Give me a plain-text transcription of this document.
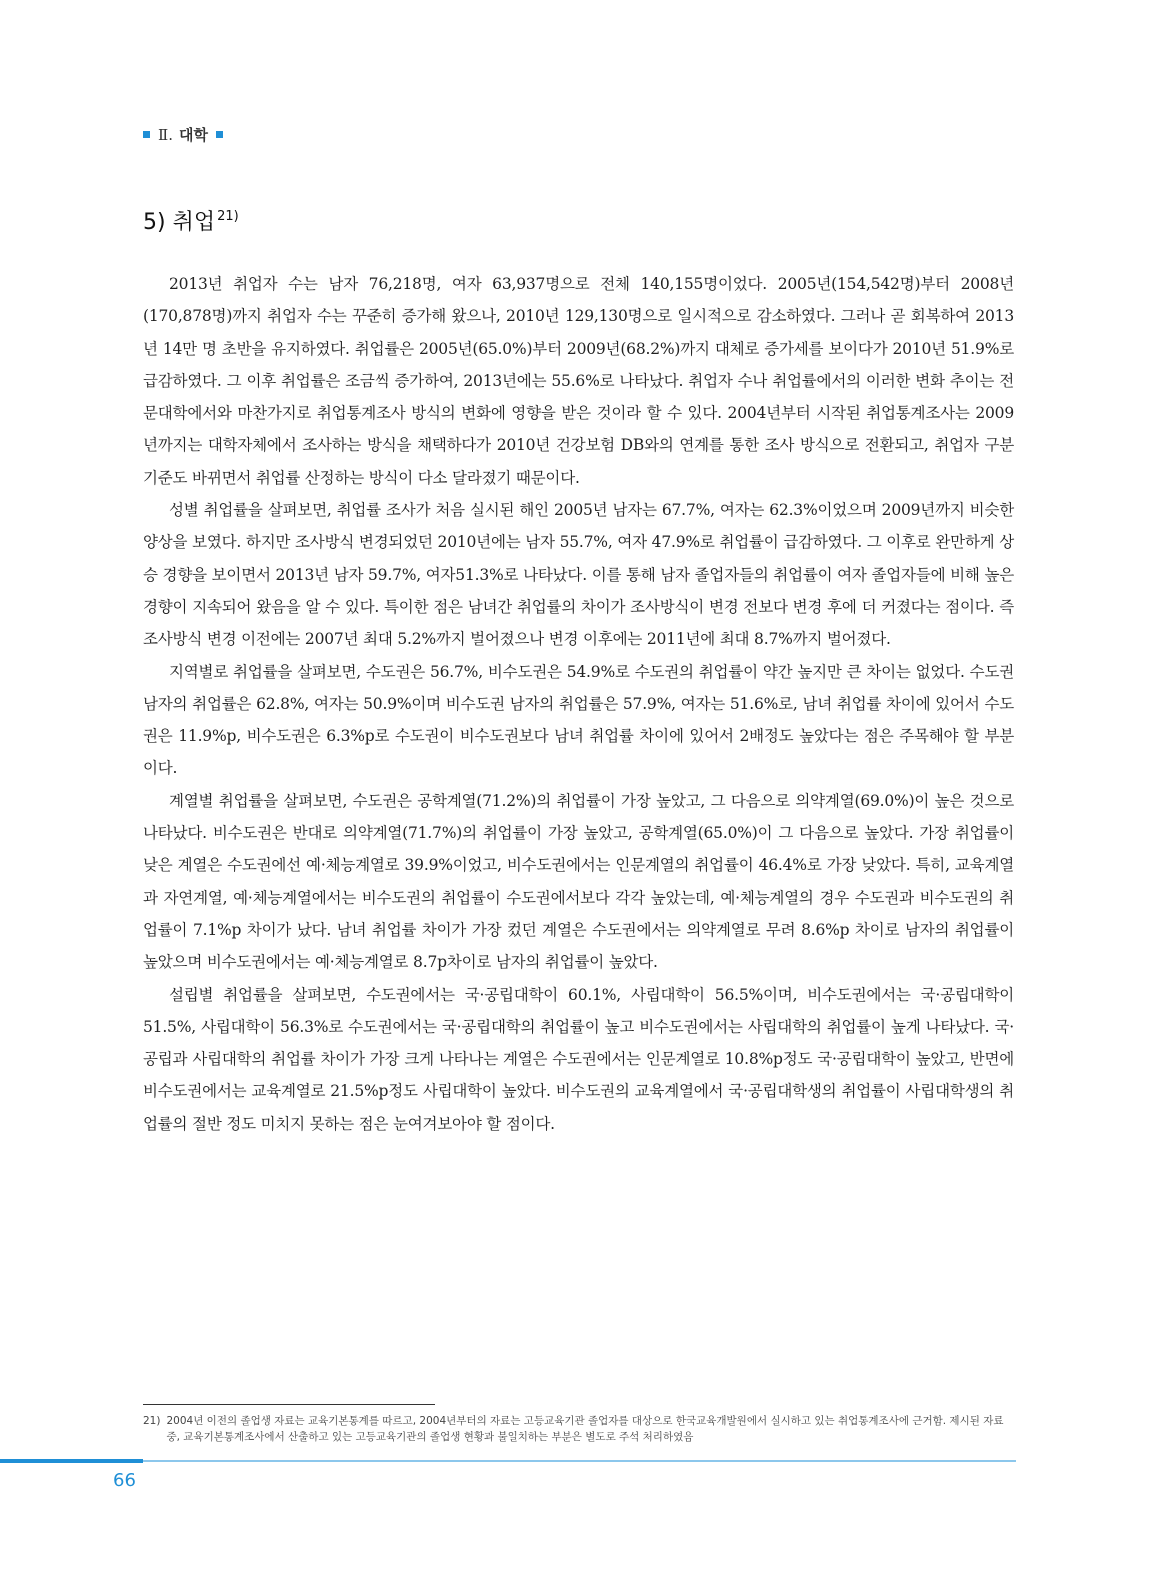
Ⅱ. 대학
5) 취업 $^{21)}$

2013년 취업자 수는 남자 76,218명, 여자 63,937명으로 전체 140,155명이었다. 2005년(154,542명)부터 2008년(170,878명)까지 취업자 수는 꾸준히 증가해 왔으나, 2010년 129,130명으로 일시적으로 감소하였다. 그러나 곧 회복하여 2013년 14만 명 초반을 유지하였다. 취업률은 2005년(65.0%)부터 2009년(68.2%)까지 대체로 증가세를 보이다가 2010년 51.9%로 급감하였다. 그 이후 취업률은 조금씩 증가하여, 2013년에는 55.6%로 나타났다. 취업자 수나 취업률에서의 이러한 변화 추이는 전문대학에서와 마찬가지로 취업통계조사 방식의 변화에 영향을 받은 것이라 할 수 있다. 2004년부터 시작된 취업통계조사는 2009년까지는 대학자체에서 조사하는 방식을 채택하다가 2010년 건강보험 DB와의 연계를 통한 조사 방식으로 전환되고, 취업자 구분 기준도 바뀌면서 취업률 산정하는 방식이 다소 달라졌기 때문이다.

성별 취업률을 살펴보면, 취업률 조사가 처음 실시된 해인 2005년 남자는 67.7%, 여자는 62.3%이었으며 2009년까지 비슷한 양상을 보였다. 하지만 조사방식 변경되었던 2010년에는 남자 55.7%, 여자 47.9%로 취업률이 급감하였다. 그 이후로 완만하게 상승 경향을 보이면서 2013년 남자 59.7%, 여자51.3%로 나타났다. 이를 통해 남자 졸업자들의 취업률이 여자 졸업자들에 비해 높은 경향이 지속되어 왔음을 알 수 있다. 특이한 점은 남녀간 취업률의 차이가 조사방식이 변경 전보다 변경 후에 더 커졌다는 점이다. 즉 조사방식 변경 이전에는 2007년 최대 5.2%까지 벌어졌으나 변경 이후에는 2011년에 최대 8.7%까지 벌어졌다.

지역별로 취업률을 살펴보면, 수도권은 56.7%, 비수도권은 54.9%로 수도권의 취업률이 약간 높지만 큰 차이는 없었다. 수도권 남자의 취업률은 62.8%, 여자는 50.9%이며 비수도권 남자의 취업률은 57.9%, 여자는 51.6%로, 남녀 취업률 차이에 있어서 수도권은 11.9%p, 비수도권은 6.3%p로 수도권이 비수도권보다 남녀 취업률 차이에 있어서 2배정도 높았다는 점은 주목해야 할 부분이다.

계열별 취업률을 살펴보면, 수도권은 공학계열(71.2%)의 취업률이 가장 높았고, 그 다음으로 의약계열(69.0%)이 높은 것으로 나타났다. 비수도권은 반대로 의약계열(71.7%)의 취업률이 가장 높았고, 공학계열(65.0%)이 그 다음으로 높았다. 가장 취업률이 낮은 계열은 수도권에선 예·체능계열로 39.9%이었고, 비수도권에서는 인문계열의 취업률이 46.4%로 가장 낮았다. 특히, 교육계열과 자연계열, 예·체능계열에서는 비수도권의 취업률이 수도권에서보다 각각 높았는데, 예·체능계열의 경우 수도권과 비수도권의 취업률이 7.1%p 차이가 났다. 남녀 취업률 차이가 가장 컸던 계열은 수도권에서는 의약계열로 무려 8.6%p 차이로 남자의 취업률이 높았으며 비수도권에서는 예·체능계열로 8.7p차이로 남자의 취업률이 높았다.

설립별 취업률을 살펴보면, 수도권에서는 국·공립대학이 60.1%, 사립대학이 56.5%이며, 비수도권에서는 국·공립대학이 51.5%, 사립대학이 56.3%로 수도권에서는 국·공립대학의 취업률이 높고 비수도권에서는 사립대학의 취업률이 높게 나타났다. 국·공립과 사립대학의 취업률 차이가 가장 크게 나타나는 계열은 수도권에서는 인문계열로 10.8%p정도 국·공립대학이 높았고, 반면에 비수도권에서는 교육계열로 21.5%p정도 사립대학이 높았다. 비수도권의 교육계열에서 국·공립대학생의 취업률이 사립대학생의 취업률의 절반 정도 미치지 못하는 점은 눈여겨보아야 할 점이다.

21) 2004년 이전의 졸업생 자료는 교육기본통계를 따르고, 2004년부터의 자료는 고등교육기관 졸업자를 대상으로 한국교육개발원에서 실시하고 있는 취업통계조사에 근거함. 제시된 자료 중, 교육기본통계조사에서 산출하고 있는 고등교육기관의 졸업생 현황과 불일치하는 부분은 별도로 주석 처리하였음
66
